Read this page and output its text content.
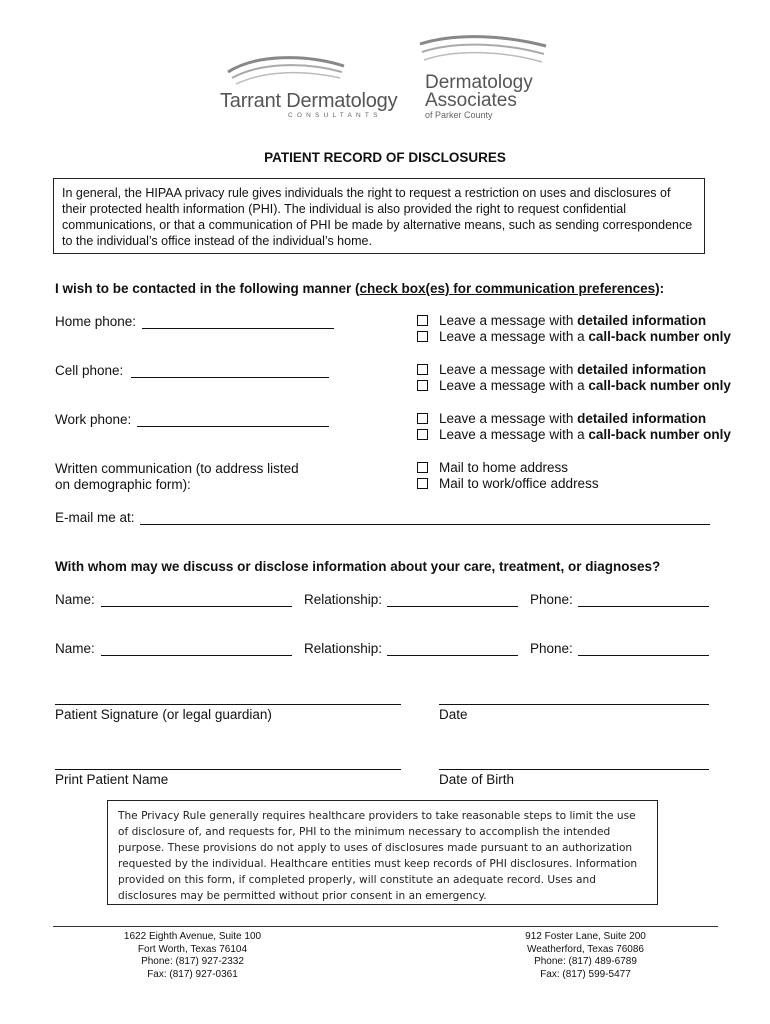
Tarrant Dermatology
CONSULTANTS
Dermatology
Associates
of Parker County
PATIENT RECORD OF DISCLOSURES
In general, the HIPAA privacy rule gives individuals the right to request a restriction on uses and disclosures of their protected health information (PHI). The individual is also provided the right to request confidential communications, or that a communication of PHI be made by alternative means, such as sending correspondence to the individual’s office instead of the individual’s home.
I wish to be contacted in the following manner (check box(es) for communication preferences):
Home phone:	Leave a message with detailed information
Leave a message with a call-back number only
Cell phone:	Leave a message with detailed information
Leave a message with a call-back number only
Work phone:	Leave a message with detailed information
Leave a message with a call-back number only
Written communication (to address listed
on demographic form):
Mail to home address
Mail to work/office address
E-mail me at:
With whom may we discuss or disclose information about your care, treatment, or diagnoses?
Name:	Relationship:	Phone:
Name:	Relationship:	Phone:
Patient Signature (or legal guardian)	Date
Print Patient Name	Date of Birth
The Privacy Rule generally requires healthcare providers to take reasonable steps to limit the use of disclosure of, and requests for, PHI to the minimum necessary to accomplish the intended purpose. These provisions do not apply to uses of disclosures made pursuant to an authorization requested by the individual. Healthcare entities must keep records of PHI disclosures. Information provided on this form, if completed properly, will constitute an adequate record. Uses and disclosures may be permitted without prior consent in an emergency.
1622 Eighth Avenue, Suite 100
Fort Worth, Texas 76104
Phone: (817) 927-2332
Fax: (817) 927-0361
912 Foster Lane, Suite 200
Weatherford, Texas 76086
Phone: (817) 489-6789
Fax: (817) 599-5477
